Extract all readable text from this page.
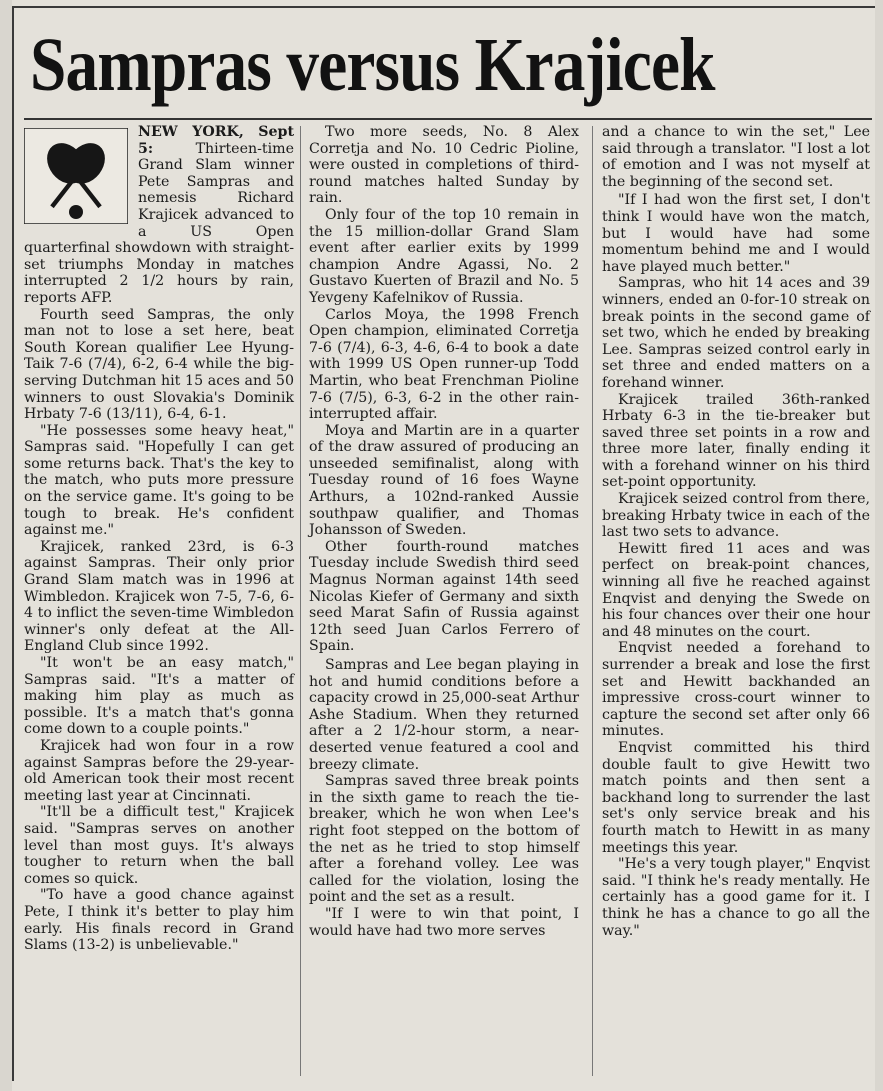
Sampras versus Krajicek

NEW YORK, Sept 5:	Thirteen-time Grand Slam winner Pete Sampras and nemesis Richard Krajicek advanced to a US Open quarterfinal showdown with straight-set triumphs Monday in matches interrupted 2 1/2 hours by rain, reports AFP.

Fourth seed Sampras, the only man not to lose a set here, beat South Korean qualifier Lee Hyung-Taik 7-6 (7/4), 6-2, 6-4 while the big-serving Dutchman hit 15 aces and 50 winners to oust Slovakia's Dominik Hrbaty 7-6 (13/11), 6-4, 6-1.

"He possesses some heavy heat," Sampras said. "Hopefully I can get some returns back. That's the key to the match, who puts more pressure on the service game. It's going to be tough to break. He's confident against me."

Krajicek, ranked 23rd, is 6-3 against Sampras. Their only prior Grand Slam match was in 1996 at Wimbledon. Krajicek won 7-5, 7-6, 6-4 to inflict the seven-time Wimbledon winner's only defeat at the All-England Club since 1992.

"It won't be an easy match," Sampras said. "It's a matter of making him play as much as possible. It's a match that's gonna come down to a couple points."

Krajicek had won four in a row against Sampras before the 29-year-old American took their most recent meeting last year at Cincinnati.

"It'll be a difficult test," Krajicek said. "Sampras serves on another level than most guys. It's always tougher to return when the ball comes so quick.

"To have a good chance against Pete, I think it's better to play him early. His finals record in Grand Slams (13-2) is unbelievable."

Two more seeds, No. 8 Alex Corretja and No. 10 Cedric Pioline, were ousted in completions of third-round matches halted Sunday by rain.

Only four of the top 10 remain in the 15 million-dollar Grand Slam event after earlier exits by 1999 champion Andre Agassi, No. 2 Gustavo Kuerten of Brazil and No. 5 Yevgeny Kafelnikov of Russia.

Carlos Moya, the 1998 French Open champion, eliminated Corretja 7-6 (7/4), 6-3, 4-6, 6-4 to book a date with 1999 US Open runner-up Todd Martin, who beat Frenchman Pioline 7-6 (7/5), 6-3, 6-2 in the other rain-interrupted affair.

Moya and Martin are in a quarter of the draw assured of producing an unseeded semifinalist, along with Tuesday round of 16 foes Wayne Arthurs, a 102nd-ranked Aussie southpaw qualifier, and Thomas Johansson of Sweden.

Other fourth-round matches Tuesday include Swedish third seed Magnus Norman against 14th seed Nicolas Kiefer of Germany and sixth seed Marat Safin of Russia against 12th seed Juan Carlos Ferrero of Spain.

Sampras and Lee began playing in hot and humid conditions before a capacity crowd in 25,000-seat Arthur Ashe Stadium. When they returned after a 2 1/2-hour storm, a near-deserted venue featured a cool and breezy climate.

Sampras saved three break points in the sixth game to reach the tie-breaker, which he won when Lee's right foot stepped on the bottom of the net as he tried to stop himself after a forehand volley. Lee was called for the violation, losing the point and the set as a result.

"If I were to win that point, I would have had two more serves

and a chance to win the set," Lee said through a translator. "I lost a lot of emotion and I was not myself at the beginning of the second set.

"If I had won the first set, I don't think I would have won the match, but I would have had some momentum behind me and I would have played much better."

Sampras, who hit 14 aces and 39 winners, ended an 0-for-10 streak on break points in the second game of set two, which he ended by breaking Lee. Sampras seized control early in set three and ended matters on a forehand winner.

Krajicek trailed 36th-ranked Hrbaty 6-3 in the tie-breaker but saved three set points in a row and three more later, finally ending it with a forehand winner on his third set-point opportunity.

Krajicek seized control from there, breaking Hrbaty twice in each of the last two sets to advance.

Hewitt fired 11 aces and was perfect on break-point chances, winning all five he reached against Enqvist and denying the Swede on his four chances over their one hour and 48 minutes on the court.

Enqvist needed a forehand to surrender a break and lose the first set and Hewitt backhanded an impressive cross-court winner to capture the second set after only 66 minutes.

Enqvist committed his third double fault to give Hewitt two match points and then sent a backhand long to surrender the last set's only service break and his fourth match to Hewitt in as many meetings this year.

"He's a very tough player," Enqvist said. "I think he's ready mentally. He certainly has a good game for it. I think he has a chance to go all the way."
